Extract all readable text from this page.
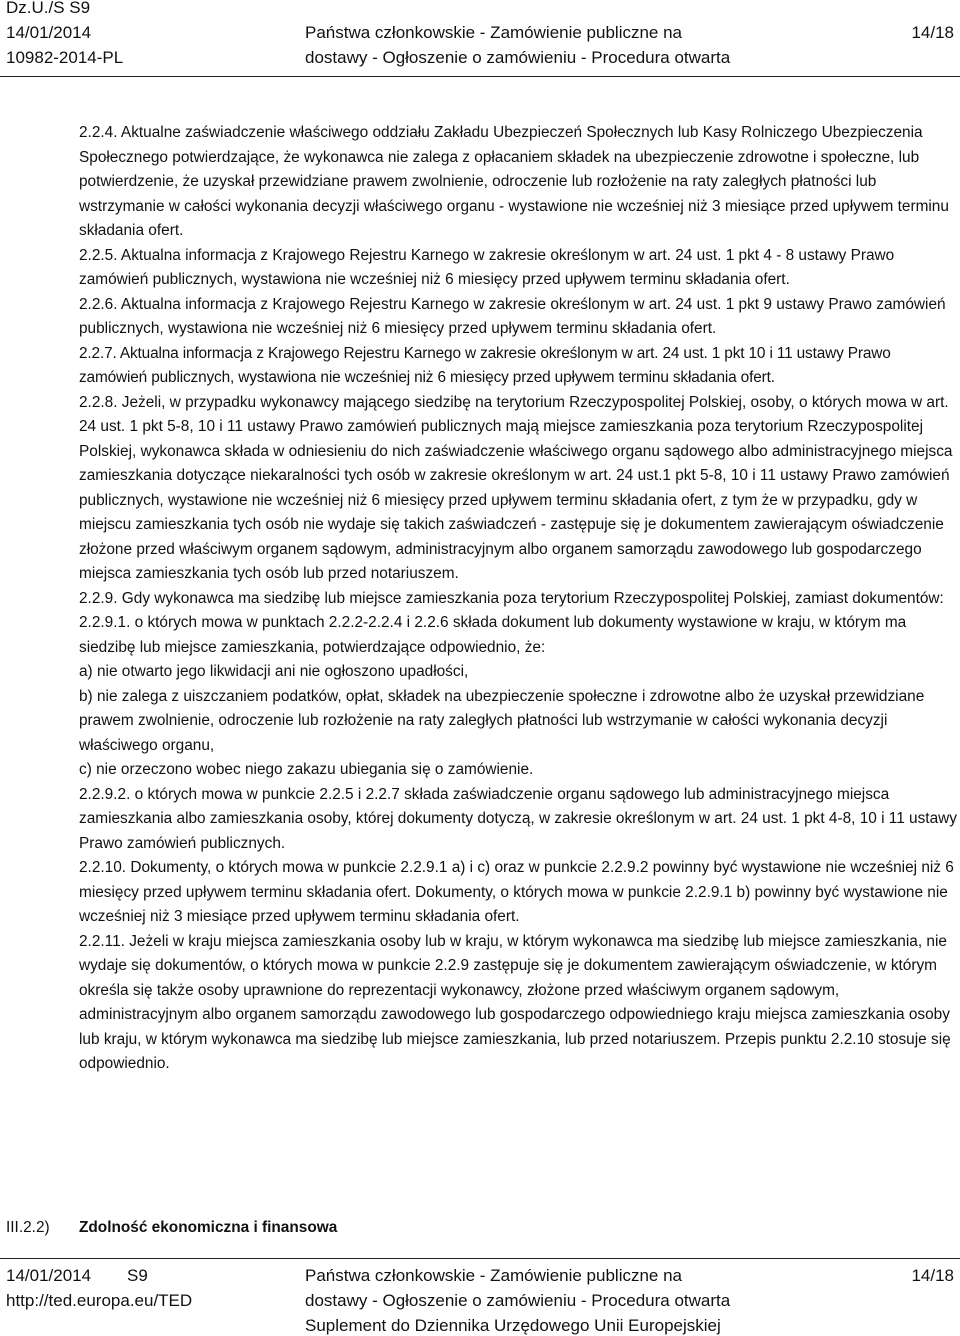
Dz.U./S S9
14/01/2014
10982-2014-PL
Państwa członkowskie - Zamówienie publiczne na
dostawy - Ogłoszenie o zamówieniu - Procedura otwarta
14/18

2.2.4. Aktualne zaświadczenie właściwego oddziału Zakładu Ubezpieczeń Społecznych lub Kasy Rolniczego Ubezpieczenia Społecznego potwierdzające, że wykonawca nie zalega z opłacaniem składek na ubezpieczenie zdrowotne i społeczne, lub potwierdzenie, że uzyskał przewidziane prawem zwolnienie, odroczenie lub rozłożenie na raty zaległych płatności lub wstrzymanie w całości wykonania decyzji właściwego organu - wystawione nie wcześniej niż 3 miesiące przed upływem terminu składania ofert.

2.2.5. Aktualna informacja z Krajowego Rejestru Karnego w zakresie określonym w art. 24 ust. 1 pkt 4 - 8 ustawy Prawo zamówień publicznych, wystawiona nie wcześniej niż 6 miesięcy przed upływem terminu składania ofert.

2.2.6. Aktualna informacja z Krajowego Rejestru Karnego w zakresie określonym w art. 24 ust. 1 pkt 9 ustawy Prawo zamówień publicznych, wystawiona nie wcześniej niż 6 miesięcy przed upływem terminu składania ofert.

2.2.7. Aktualna informacja z Krajowego Rejestru Karnego w zakresie określonym w art. 24 ust. 1 pkt 10 i 11 ustawy Prawo zamówień publicznych, wystawiona nie wcześniej niż 6 miesięcy przed upływem terminu składania ofert.

2.2.8. Jeżeli, w przypadku wykonawcy mającego siedzibę na terytorium Rzeczypospolitej Polskiej, osoby, o których mowa w art. 24 ust. 1 pkt 5-8, 10 i 11 ustawy Prawo zamówień publicznych mają miejsce zamieszkania poza terytorium Rzeczypospolitej Polskiej, wykonawca składa w odniesieniu do nich zaświadczenie właściwego organu sądowego albo administracyjnego miejsca zamieszkania dotyczące niekaralności tych osób w zakresie określonym w art. 24 ust.1 pkt 5-8, 10 i 11 ustawy Prawo zamówień publicznych, wystawione nie wcześniej niż 6 miesięcy przed upływem terminu składania ofert, z tym że w przypadku, gdy w miejscu zamieszkania tych osób nie wydaje się takich zaświadczeń - zastępuje się je dokumentem zawierającym oświadczenie złożone przed właściwym organem sądowym, administracyjnym albo organem samorządu zawodowego lub gospodarczego miejsca zamieszkania tych osób lub przed notariuszem.

2.2.9. Gdy wykonawca ma siedzibę lub miejsce zamieszkania poza terytorium Rzeczypospolitej Polskiej, zamiast dokumentów:

2.2.9.1. o których mowa w punktach 2.2.2-2.2.4 i 2.2.6 składa dokument lub dokumenty wystawione w kraju, w którym ma siedzibę lub miejsce zamieszkania, potwierdzające odpowiednio, że:

a) nie otwarto jego likwidacji ani nie ogłoszono upadłości,

b) nie zalega z uiszczaniem podatków, opłat, składek na ubezpieczenie społeczne i zdrowotne albo że uzyskał przewidziane prawem zwolnienie, odroczenie lub rozłożenie na raty zaległych płatności lub wstrzymanie w całości wykonania decyzji właściwego organu,

c) nie orzeczono wobec niego zakazu ubiegania się o zamówienie.

2.2.9.2. o których mowa w punkcie 2.2.5 i 2.2.7 składa zaświadczenie organu sądowego lub administracyjnego miejsca zamieszkania albo zamieszkania osoby, której dokumenty dotyczą, w zakresie określonym w art. 24 ust. 1 pkt 4-8, 10 i 11 ustawy Prawo zamówień publicznych.

2.2.10. Dokumenty, o których mowa w punkcie 2.2.9.1 a) i c) oraz w punkcie 2.2.9.2 powinny być wystawione nie wcześniej niż 6 miesięcy przed upływem terminu składania ofert. Dokumenty, o których mowa w punkcie 2.2.9.1 b) powinny być wystawione nie wcześniej niż 3 miesiące przed upływem terminu składania ofert.

2.2.11. Jeżeli w kraju miejsca zamieszkania osoby lub w kraju, w którym wykonawca ma siedzibę lub miejsce zamieszkania, nie wydaje się dokumentów, o których mowa w punkcie 2.2.9 zastępuje się je dokumentem zawierającym oświadczenie, w którym określa się także osoby uprawnione do reprezentacji wykonawcy, złożone przed właściwym organem sądowym, administracyjnym albo organem samorządu zawodowego lub gospodarczego odpowiedniego kraju miejsca zamieszkania osoby lub kraju, w którym wykonawca ma siedzibę lub miejsce zamieszkania, lub przed notariuszem. Przepis punktu 2.2.10 stosuje się odpowiednio.

III.2.2) Zdolność ekonomiczna i finansowa
14/01/2014 S9
http://ted.europa.eu/TED
Państwa członkowskie - Zamówienie publiczne na
dostawy - Ogłoszenie o zamówieniu - Procedura otwarta
Suplement do Dziennika Urzędowego Unii Europejskiej
14/18
